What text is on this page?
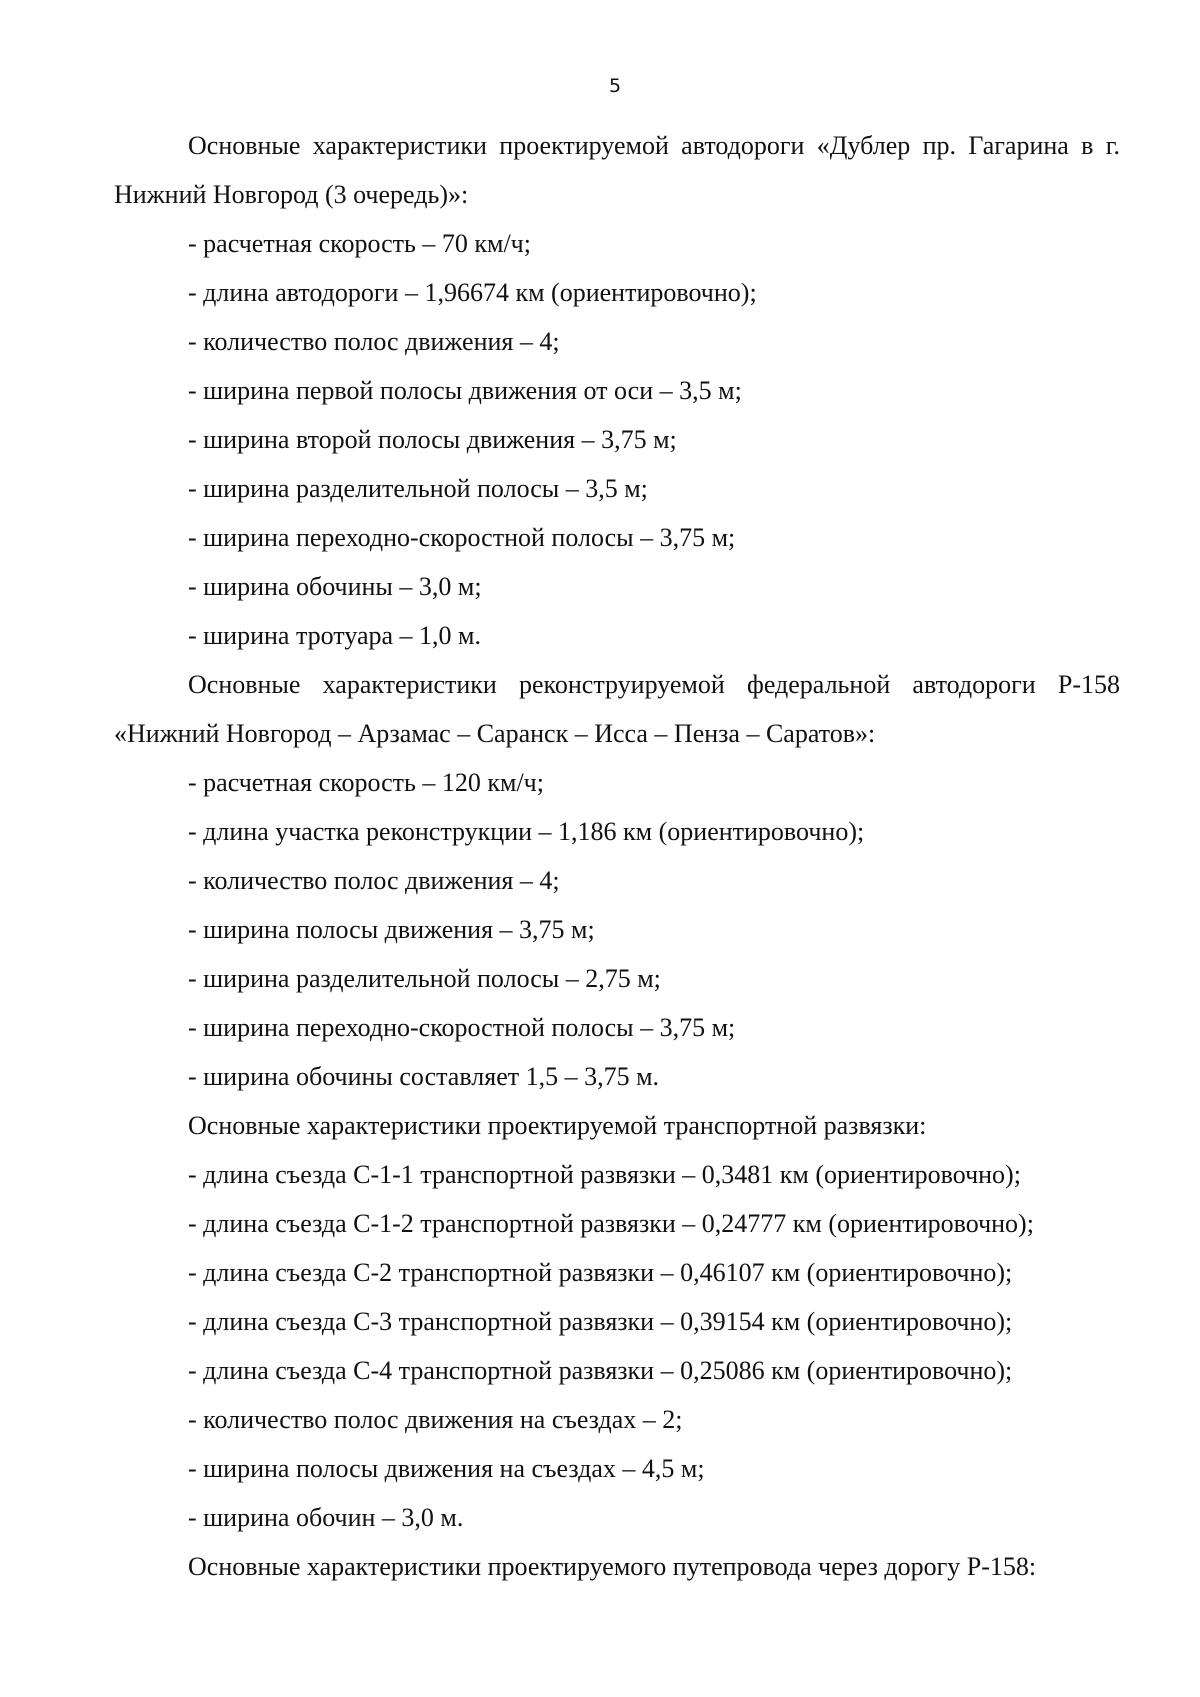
5

Основные характеристики проектируемой автодороги «Дублер пр. Гагарина в г. Нижний Новгород (3 очередь)»:

- расчетная скорость – 70 км/ч;

- длина автодороги – 1,96674 км (ориентировочно);

- количество полос движения – 4;

- ширина первой полосы движения от оси – 3,5 м;

- ширина второй полосы движения – 3,75 м;

- ширина разделительной полосы – 3,5 м;

- ширина переходно-скоростной полосы – 3,75 м;

- ширина обочины – 3,0 м;

- ширина тротуара – 1,0 м.

Основные характеристики реконструируемой федеральной автодороги Р-158 «Нижний Новгород – Арзамас – Саранск – Исса – Пенза – Саратов»:

- расчетная скорость – 120 км/ч;

- длина участка реконструкции – 1,186 км (ориентировочно);

- количество полос движения – 4;

- ширина полосы движения – 3,75 м;

- ширина разделительной полосы – 2,75 м;

- ширина переходно-скоростной полосы – 3,75 м;

- ширина обочины составляет 1,5 – 3,75 м.

Основные характеристики проектируемой транспортной развязки:

- длина съезда С-1-1 транспортной развязки – 0,3481 км (ориентировочно);

- длина съезда С-1-2 транспортной развязки – 0,24777 км (ориентировочно);

- длина съезда С-2 транспортной развязки – 0,46107 км (ориентировочно);

- длина съезда С-3 транспортной развязки – 0,39154 км (ориентировочно);

- длина съезда С-4 транспортной развязки – 0,25086 км (ориентировочно);

- количество полос движения на съездах – 2;

- ширина полосы движения на съездах – 4,5 м;

- ширина обочин – 3,0 м.

Основные характеристики проектируемого путепровода через дорогу Р-158:
